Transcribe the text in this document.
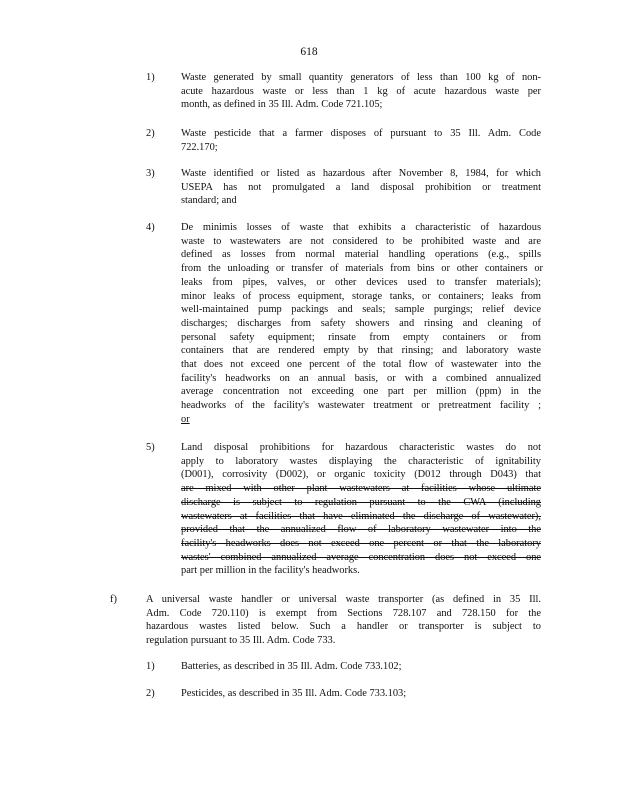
618
1)	Waste generated by small quantity generators of less than 100 kg of non-
acute hazardous waste or less than 1 kg of acute hazardous waste per
month, as defined in 35 Ill. Adm. Code 721.105;
2)	Waste pesticide that a farmer disposes of pursuant to 35 Ill. Adm. Code
722.170;
3)	Waste identified or listed as hazardous after November 8, 1984, for which
USEPA has not promulgated a land disposal prohibition or treatment
standard; and
4)	De minimis losses of waste that exhibits a characteristic of hazardous
waste to wastewaters are not considered to be prohibited waste and are
defined as losses from normal material handling operations (e.g., spills
from the unloading or transfer of materials from bins or other containers or
leaks from pipes, valves, or other devices used to transfer materials);
minor leaks of process equipment, storage tanks, or containers; leaks from
well-maintained pump packings and seals; sample purgings; relief device
discharges; discharges from safety showers and rinsing and cleaning of
personal safety equipment; rinsate from empty containers or from
containers that are rendered empty by that rinsing; and laboratory waste
that does not exceed one percent of the total flow of wastewater into the
facility's headworks on an annual basis, or with a combined annualized
average concentration not exceeding one part per million (ppm) in the
headworks of the facility's wastewater treatment or pretreatment facility ;
or
5)	Land disposal prohibitions for hazardous characteristic wastes do not
apply to laboratory wastes displaying the characteristic of ignitability
(D001), corrosivity (D002), or organic toxicity (D012 through D043) that
are mixed with other plant wastewaters at facilities whose ultimate
discharge is subject to regulation pursuant to the CWA (including
wastewaters at facilities that have eliminated the discharge of wastewater),
provided that the annualized flow of laboratory wastewater into the
facility's headworks does not exceed one percent or that the laboratory
wastes' combined annualized average concentration does not exceed one
part per million in the facility's headworks.
f)	A universal waste handler or universal waste transporter (as defined in 35 Ill.
Adm. Code 720.110) is exempt from Sections 728.107 and 728.150 for the
hazardous wastes listed below. Such a handler or transporter is subject to
regulation pursuant to 35 Ill. Adm. Code 733.
1)	Batteries, as described in 35 Ill. Adm. Code 733.102;
2)	Pesticides, as described in 35 Ill. Adm. Code 733.103;
